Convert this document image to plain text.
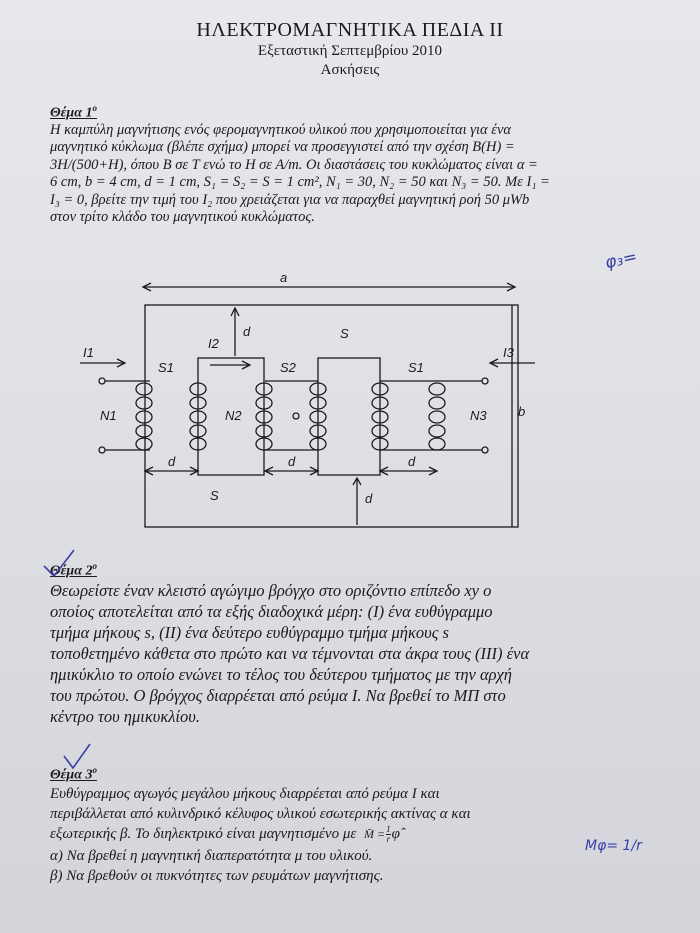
ΗΛΕΚΤΡΟΜΑΓΝΗΤΙΚΑ ΠΕΔΙΑ ΙΙ
Εξεταστική Σεπτεμβρίου 2010
Ασκήσεις
Θέμα $1^o$
Η καμπύλη μαγνήτισης ενός φερομαγνητικού υλικού που χρησιμοποιείται για ένα
μαγνητικό κύκλωμα (βλέπε σχήμα) μπορεί να προσεγγιστεί από την σχέση Β(Η) =
3Η/(500+Η), όπου Β σε Τ ενώ το Η σε Α/m. Οι διαστάσεις του κυκλώματος είναι α =
6 cm, b = 4 cm, d = 1 cm, S₁ = S₂ = S = 1 cm², N₁ = 30, N₂ = 50 και N₃ = 50. Με I₁ =
I₃ = 0, βρείτε την τιμή του I₂ που χρειάζεται για να παραχθεί μαγνητική ροή 50 μWb
στον τρίτο κλάδο του μαγνητικού κυκλώματος.
φ₃=
a
d	S
I2
I1	I3
S1	S2	S1
N1	N2	N3 b
d	d	d
S	d
Θέμα $2^o$
Θεωρείστε έναν κλειστό αγώγιμο βρόγχο στο οριζόντιο επίπεδο xy ο
οποίος αποτελείται από τα εξής διαδοχικά μέρη: (I) ένα ευθύγραμμο
τμήμα μήκους s, (II) ένα δεύτερο ευθύγραμμο τμήμα μήκους s
τοποθετημένο κάθετα στο πρώτο και να τέμνονται στα άκρα τους (III) ένα
ημικύκλιο το οποίο ενώνει το τέλος του δεύτερου τμήματος με την αρχή
του πρώτου. Ο βρόγχος διαρρέεται από ρεύμα Ι. Να βρεθεί το ΜΠ στο
κέντρο του ημικυκλίου.
Θέμα $3^o$
Ευθύγραμμος αγωγός μεγάλου μήκους διαρρέεται από ρεύμα Ι και
περιβάλλεται από κυλινδρικό κέλυφος υλικού εσωτερικής ακτίνας α και
εξωτερικής β. Το διηλεκτρικό είναι μαγνητισμένο με M̄ = $\frac{1}{r}$ φ̂
α) Να βρεθεί η μαγνητική διαπερατότητα μ του υλικού.
β) Να βρεθούν οι πυκνότητες των ρευμάτων μαγνήτισης.
Mφ= 1/r
